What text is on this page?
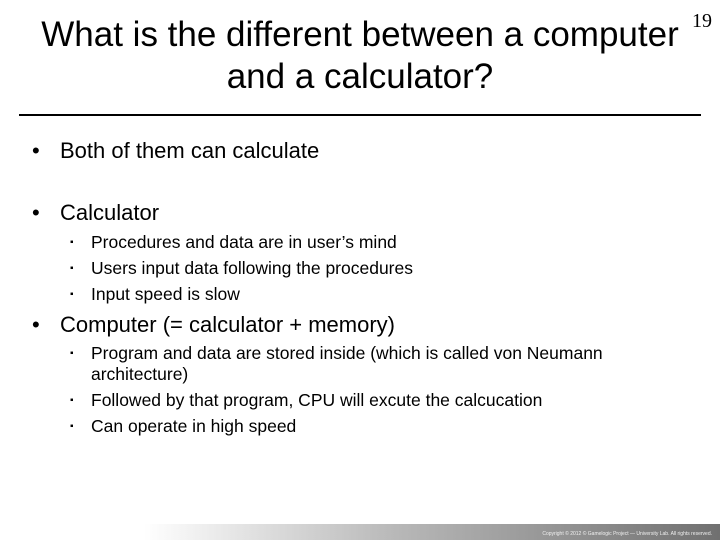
19
What is the different between a computer
and a calculator?
• Both of them can calculate
• Calculator
▪ Procedures and data are in user’s mind
▪ Users input data following the procedures
▪ Input speed is slow
• Computer (= calculator + memory)
▪ Program and data are stored inside (which is called von Neumann architecture)
▪ Followed by that program, CPU will excute the calcucation
▪ Can operate in high speed
Copyright © 2012 © Gamelogic Project — University Lab. All rights reserved.
